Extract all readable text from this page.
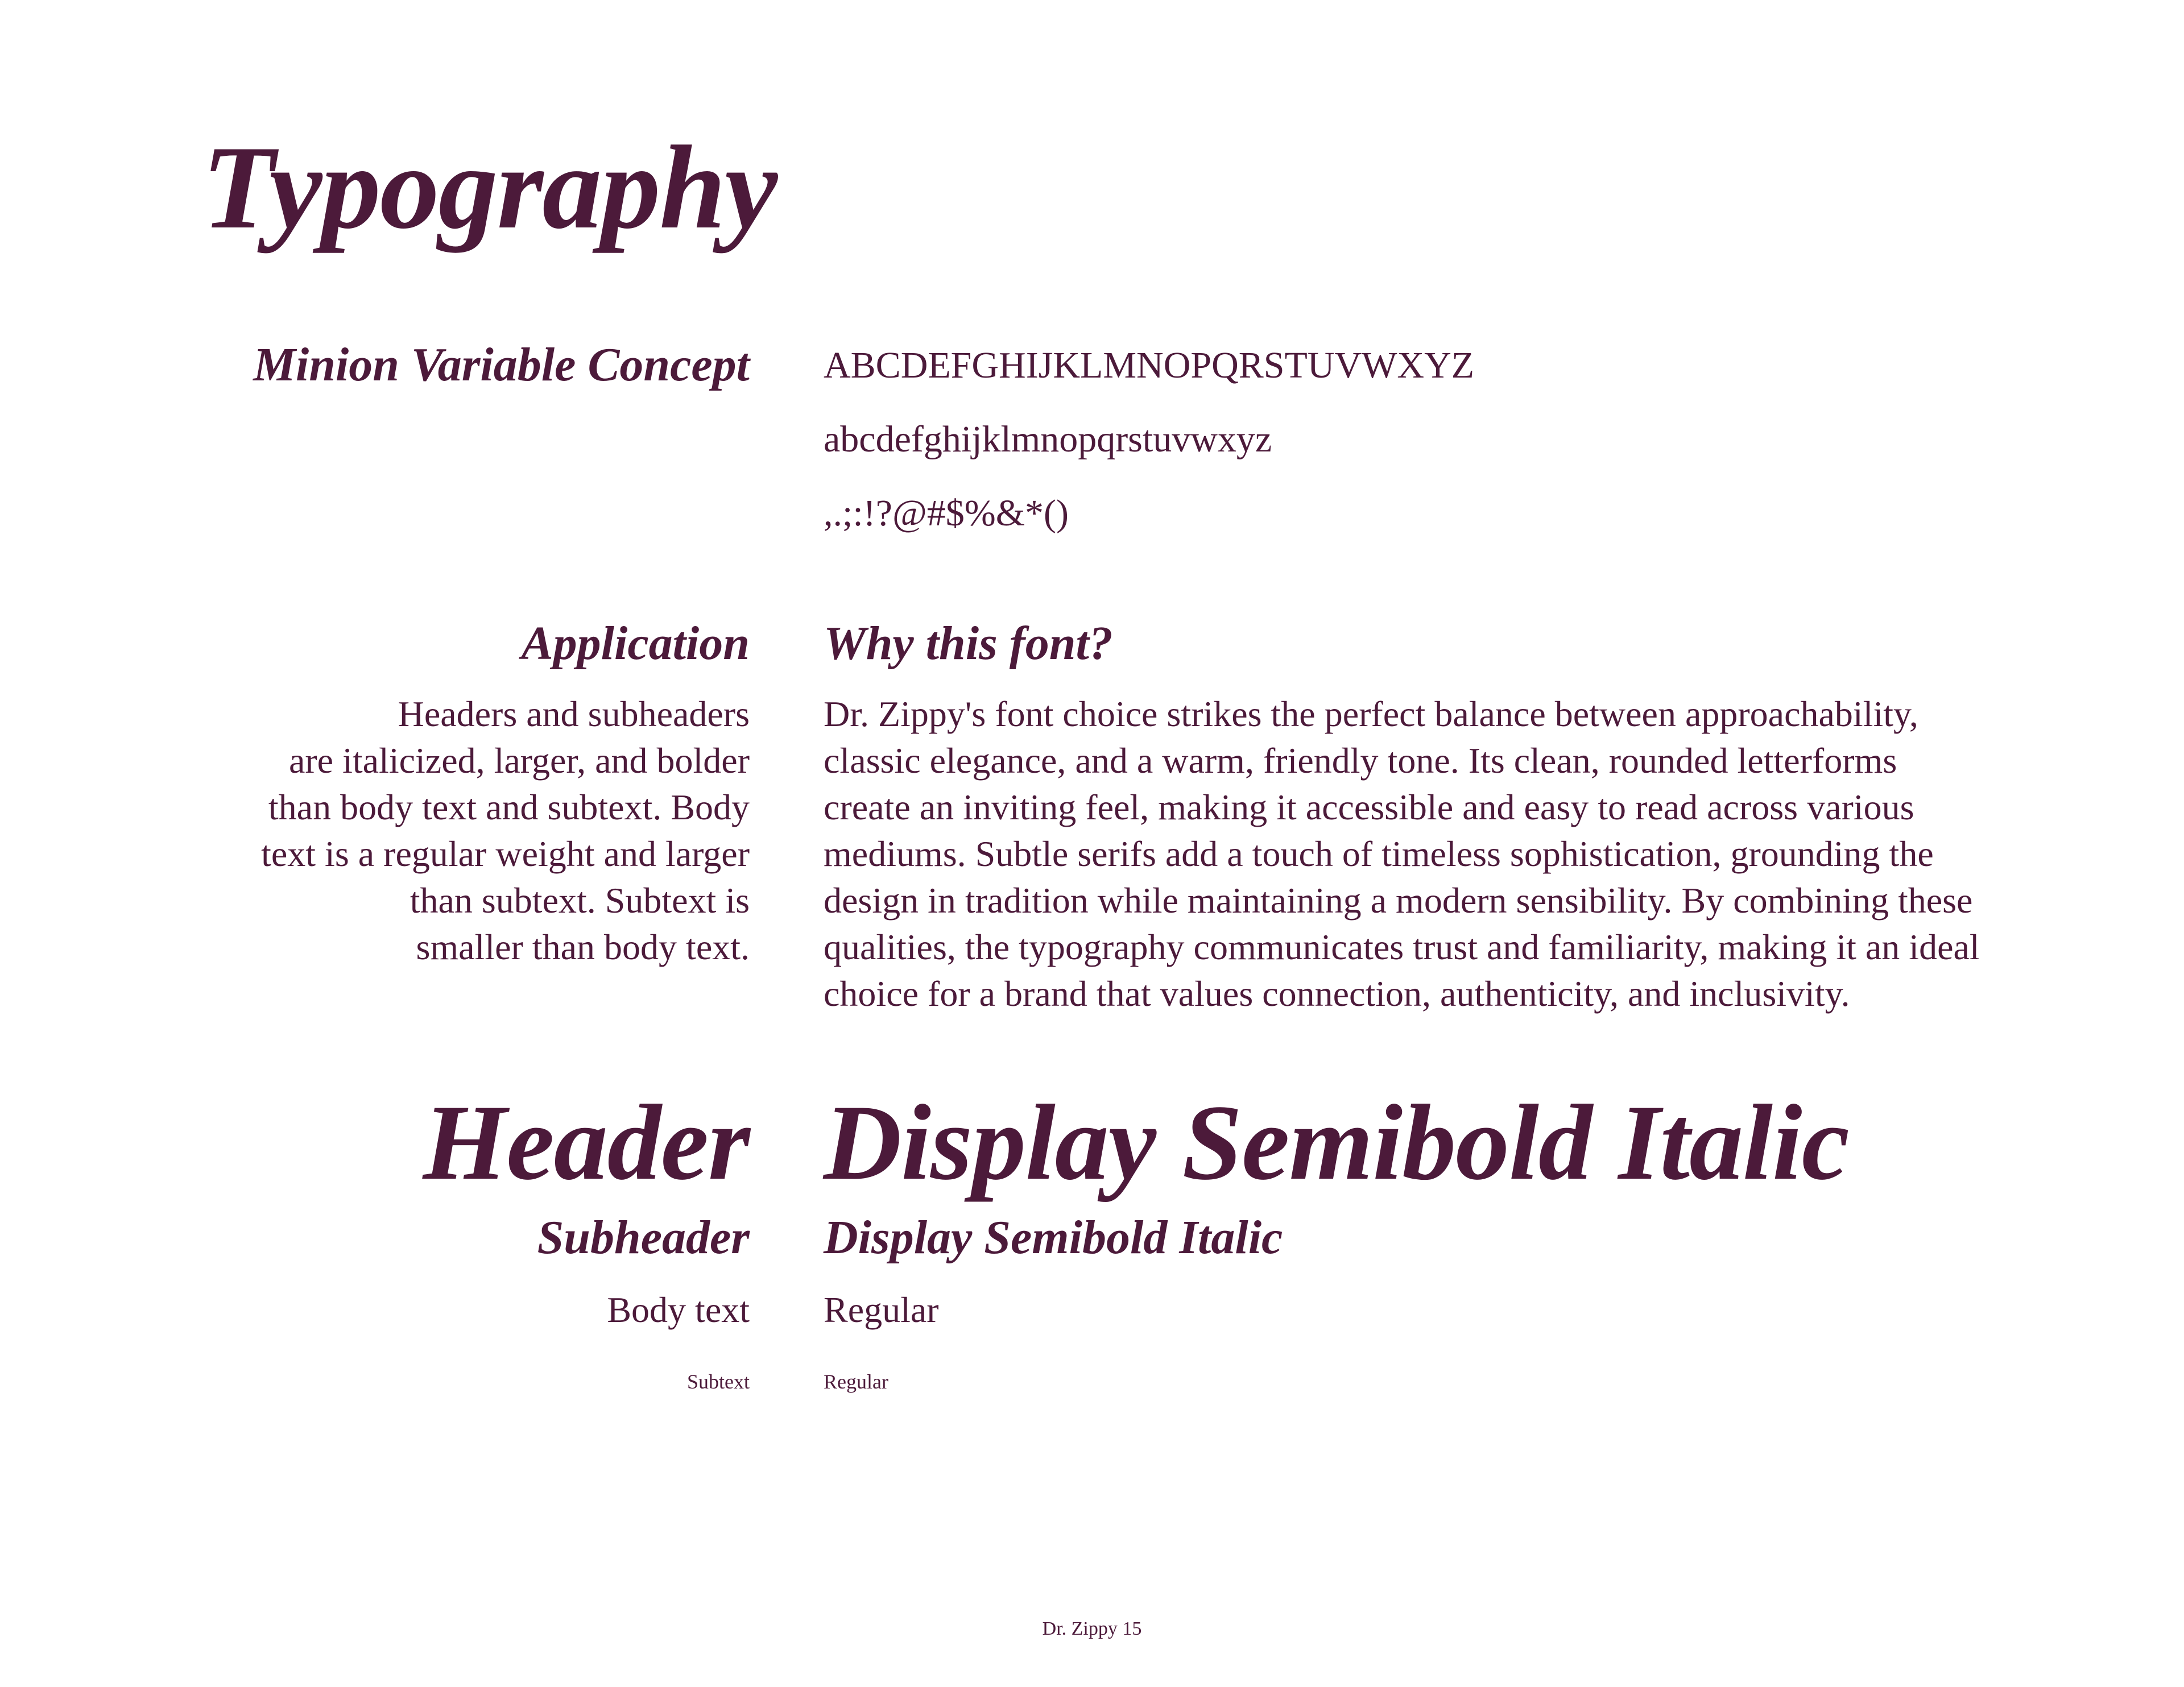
Typography
Minion Variable Concept ABCDEFGHIJKLMNOPQRSTUVWXYZ
abcdefghijklmnopqrstuvwxyz
,.;:!?@#$%&*()
Application
Headers and subheaders
are italicized, larger, and bolder
than body text and subtext. Body
text is a regular weight and larger
than subtext. Subtext is
smaller than body text.
Why this font?
Dr. Zippy's font choice strikes the perfect balance between approachability,
classic elegance, and a warm, friendly tone. Its clean, rounded letterforms
create an inviting feel, making it accessible and easy to read across various
mediums. Subtle serifs add a touch of timeless sophistication, grounding the
design in tradition while maintaining a modern sensibility. By combining these
qualities, the typography communicates trust and familiarity, making it an ideal
choice for a brand that values connection, authenticity, and inclusivity.
Header Display Semibold Italic
Subheader Display Semibold Italic
Body text Regular
Subtext	Regular
Dr. Zippy 15
